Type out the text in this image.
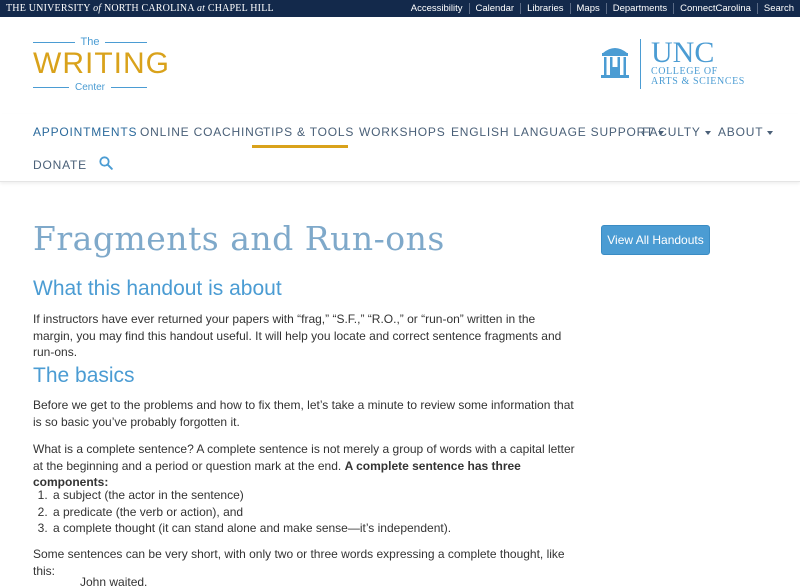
THE UNIVERSITY of NORTH CAROLINA at CHAPEL HILL	Accessibility	Calendar	Libraries	Maps	Departments	ConnectCarolina	Search
The
WRITING
Center
UNC
COLLEGE OF
ARTS & SCIENCES
APPOINTMENTS ONLINE COACHING
TIPS & TOOLS WORKSHOPS ENGLISH LANGUAGE SUPPORT
FACULTY	ABOUT
DONATE
Fragments and Run-ons	View All Handouts
What this handout is about

If instructors have ever returned your papers with “frag,” “S.F.,” “R.O.,” or “run-on” written in the margin, you may find this handout useful. It will help you locate and correct sentence fragments and run-ons.

The basics

Before we get to the problems and how to fix them, let’s take a minute to review some information that is so basic you’ve probably forgotten it.

What is a complete sentence? A complete sentence is not merely a group of words with a capital letter at the beginning and a period or question mark at the end. A complete sentence has three components:

1. a subject (the actor in the sentence)
2. a predicate (the verb or action), and
3. a complete thought (it can stand alone and make sense—it’s independent).

Some sentences can be very short, with only two or three words expressing a complete thought, like this:

John waited.
